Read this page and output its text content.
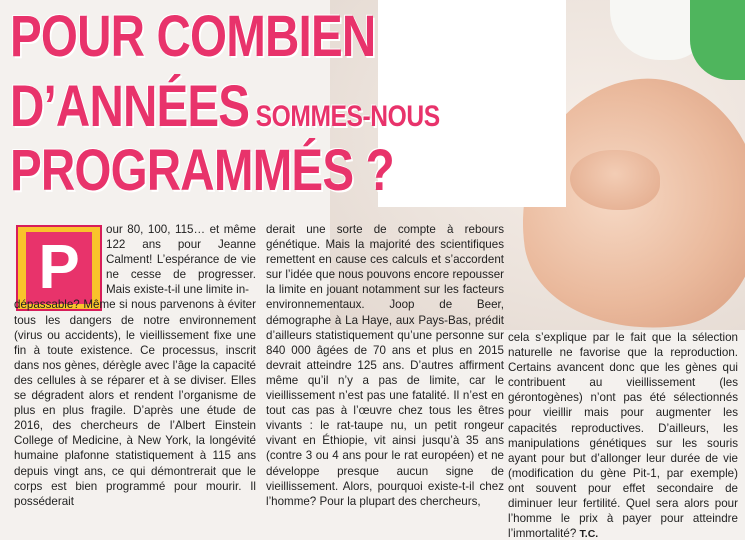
POUR COMBIEN
D’ANNÉES SOMMES-NOUS
PROGRAMMÉS ?
P

our 80, 100, 115… et même 122 ans pour Jeanne Calment! L’espérance de vie ne cesse de progresser. Mais existe-t-il une limite in-

dépassable? Même si nous parvenons à éviter tous les dangers de notre environnement (virus ou accidents), le vieillissement fixe une fin à toute existence. Ce processus, inscrit dans nos gènes, dérègle avec l’âge la capacité des cellules à se réparer et à se diviser. Elles se dégradent alors et rendent l’organisme de plus en plus fragile. D’après une étude de 2016, des chercheurs de l’Albert Einstein College of Medicine, à New York, la longévité humaine plafonne statistiquement à 115 ans depuis vingt ans, ce qui démontrerait que le corps est bien programmé pour mourir. Il posséderait

derait une sorte de compte à rebours génétique. Mais la majorité des scientifiques remettent en cause ces calculs et s’accordent sur l’idée que nous pouvons encore repousser la limite en jouant notamment sur les facteurs environnementaux. Joop de Beer, démographe à La Haye, aux Pays-Bas, prédit d’ailleurs statistiquement qu’une personne sur 840 000 âgées de 70 ans et plus en 2015 devrait atteindre 125 ans. D’autres affirment même qu’il n’y a pas de limite, car le vieillissement n’est pas une fatalité. Il n’est en tout cas pas à l’œuvre chez tous les êtres vivants : le rat-taupe nu, un petit rongeur vivant en Éthiopie, vit ainsi jusqu’à 35 ans (contre 3 ou 4 ans pour le rat européen) et ne développe presque aucun signe de vieillissement. Alors, pourquoi existe-t-il chez l’homme? Pour la plupart des chercheurs,

cela s’explique par le fait que la sélection naturelle ne favorise que la reproduction. Certains avancent donc que les gènes qui contribuent au vieillissement (les gérontogènes) n’ont pas été sélectionnés pour vieillir mais pour augmenter les capacités reproductives. D’ailleurs, les manipulations génétiques sur les souris ayant pour but d’allonger leur durée de vie (modification du gène Pit-1, par exemple) ont souvent pour effet secondaire de diminuer leur fertilité. Quel sera alors pour l’homme le prix à payer pour atteindre l’immortalité? T.C.
